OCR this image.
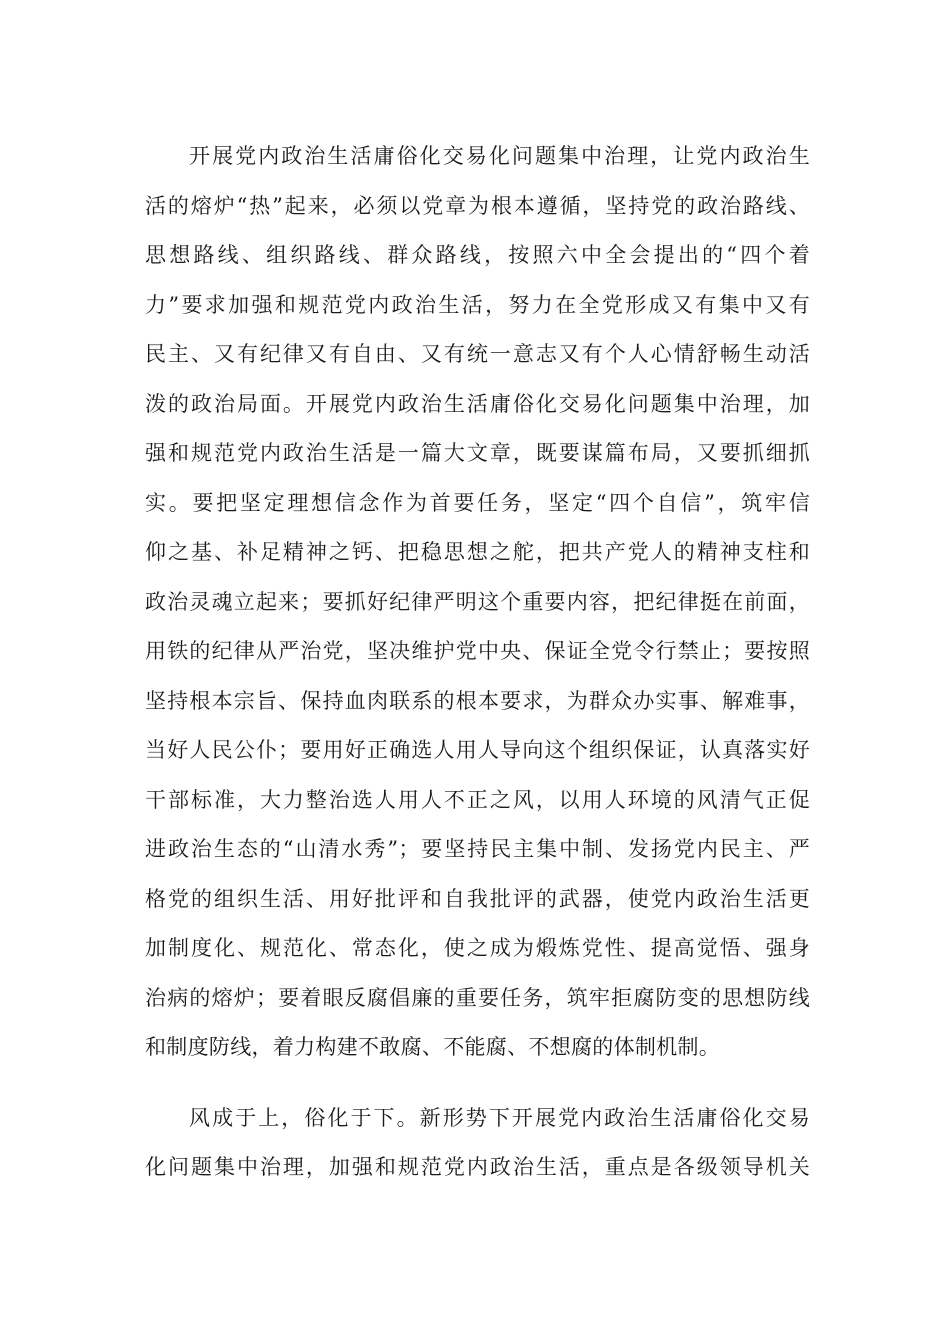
开展党内政治生活庸俗化交易化问题集中治理，让党内政治生
活的熔炉“热”起来，必须以党章为根本遵循，坚持党的政治路线、
思想路线、组织路线、群众路线，按照六中全会提出的“四个着
力”要求加强和规范党内政治生活，努力在全党形成又有集中又有
民主、又有纪律又有自由、又有统一意志又有个人心情舒畅生动活
泼的政治局面。开展党内政治生活庸俗化交易化问题集中治理，加
强和规范党内政治生活是一篇大文章，既要谋篇布局，又要抓细抓
实。要把坚定理想信念作为首要任务，坚定“四个自信”，筑牢信
仰之基、补足精神之钙、把稳思想之舵，把共产党人的精神支柱和
政治灵魂立起来；要抓好纪律严明这个重要内容，把纪律挺在前面，
用铁的纪律从严治党，坚决维护党中央、保证全党令行禁止；要按照
坚持根本宗旨、保持血肉联系的根本要求，为群众办实事、解难事，
当好人民公仆；要用好正确选人用人导向这个组织保证，认真落实好
干部标准，大力整治选人用人不正之风，以用人环境的风清气正促
进政治生态的“山清水秀”；要坚持民主集中制、发扬党内民主、严
格党的组织生活、用好批评和自我批评的武器，使党内政治生活更
加制度化、规范化、常态化，使之成为煅炼党性、提高觉悟、强身
治病的熔炉；要着眼反腐倡廉的重要任务，筑牢拒腐防变的思想防线
和制度防线，着力构建不敢腐、不能腐、不想腐的体制机制。
风成于上，俗化于下。新形势下开展党内政治生活庸俗化交易
化问题集中治理，加强和规范党内政治生活，重点是各级领导机关
